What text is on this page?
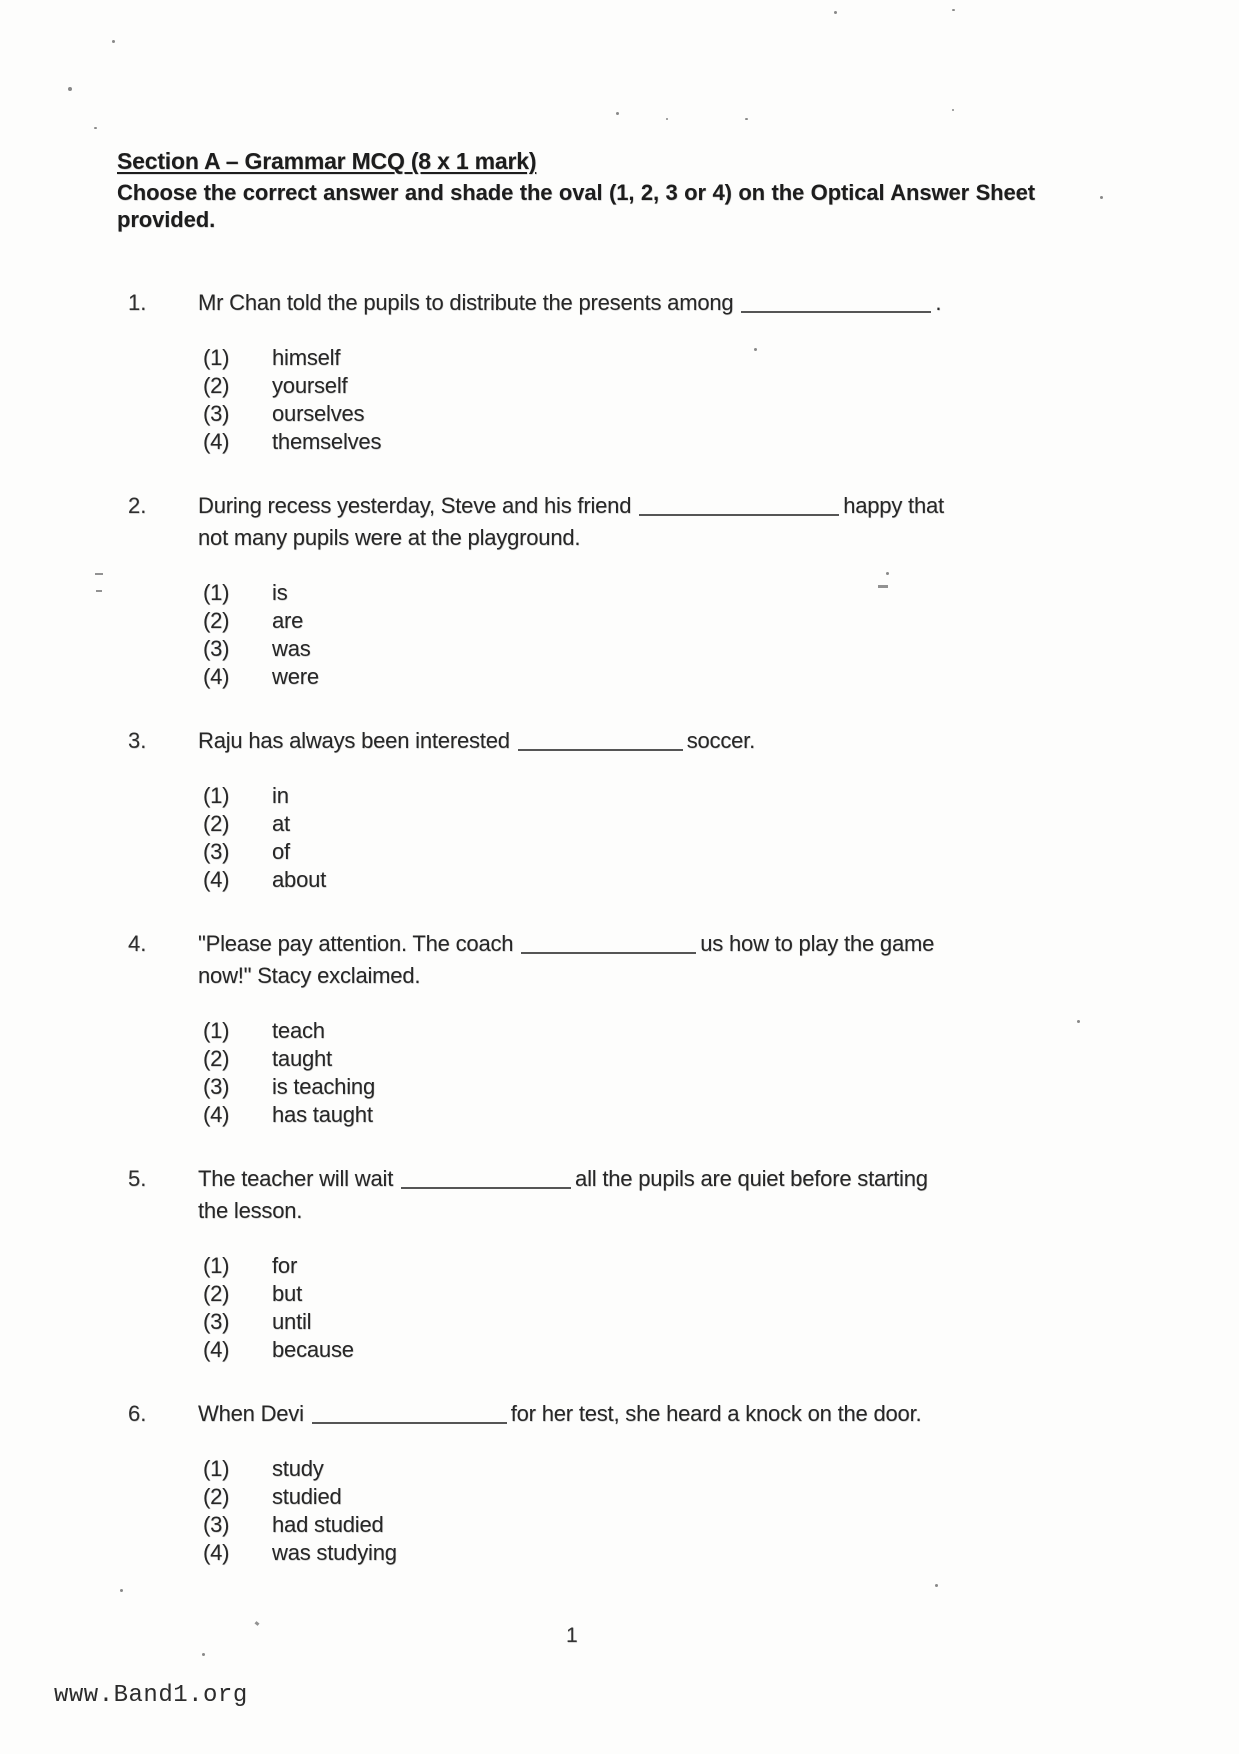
Section A – Grammar MCQ (8 x 1 mark)
Choose the correct answer and shade the oval (1, 2, 3 or 4) on the Optical Answer Sheet provided.
1.	Mr Chan told the pupils to distribute the presents among	.
(1)	himself
(2)	yourself
(3)	ourselves
(4)	themselves
2.	During recess yesterday, Steve and his friend	happy that
not many pupils were at the playground.
(1)	is
(2)	are
(3)	was
(4)	were
3.	Raju has always been interested	soccer.
(1)	in
(2)	at
(3)	of
(4)	about
4.	"Please pay attention. The coach	us how to play the game
now!" Stacy exclaimed.
(1)	teach
(2)	taught
(3)	is teaching
(4)	has taught
5.	The teacher will wait	all the pupils are quiet before starting
the lesson.
(1)	for
(2)	but
(3)	until
(4)	because
6.	When Devi	for her test, she heard a knock on the door.
(1)	study
(2)	studied
(3)	had studied
(4)	was studying
1
www.Band1.org
